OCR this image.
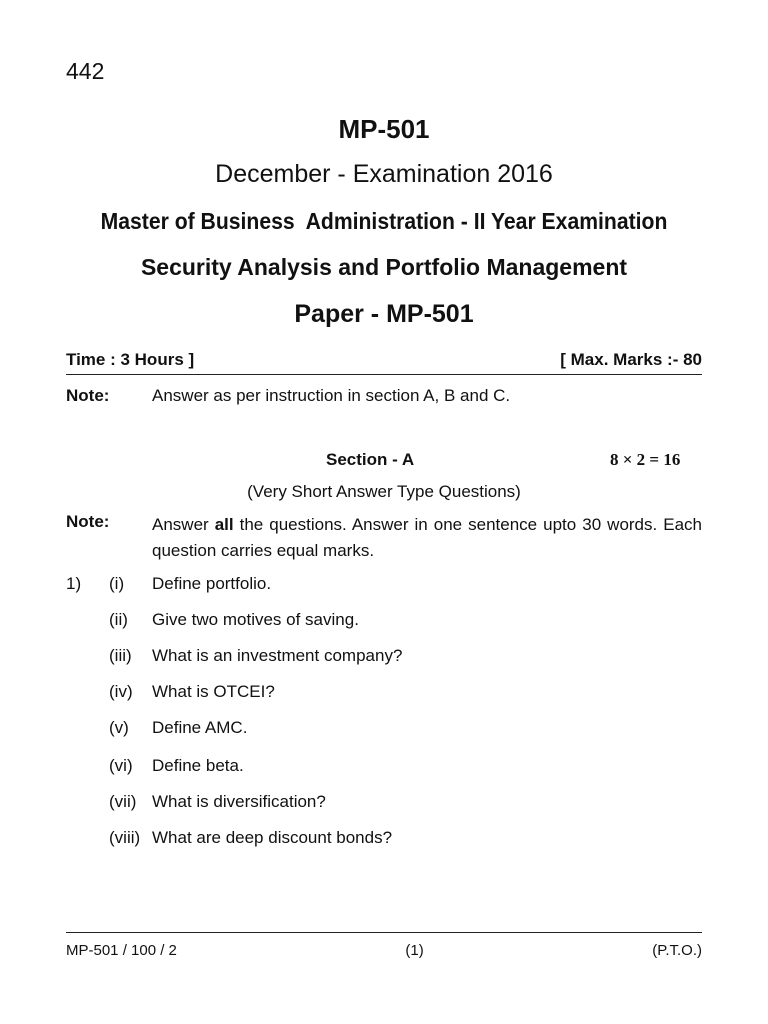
442
MP-501
December - Examination 2016
Master of Business  Administration - II Year Examination
Security Analysis and Portfolio Management
Paper - MP-501
Time : 3 Hours ]	[ Max. Marks :- 80
Note:	Answer as per instruction in section A, B and C.
Section - A	8 × 2 = 16
(Very Short Answer Type Questions)
Note:	Answer all the questions. Answer in one sentence upto 30 words. Each question carries equal marks.
1) (i) Define portfolio.
(ii) Give two motives of saving.
(iii) What is an investment company?
(iv) What is OTCEI?
(v) Define AMC.
(vi) Define beta.
(vii) What is diversification?
(viii) What are deep discount bonds?
MP-501 / 100 / 2	(1)	(P.T.O.)
